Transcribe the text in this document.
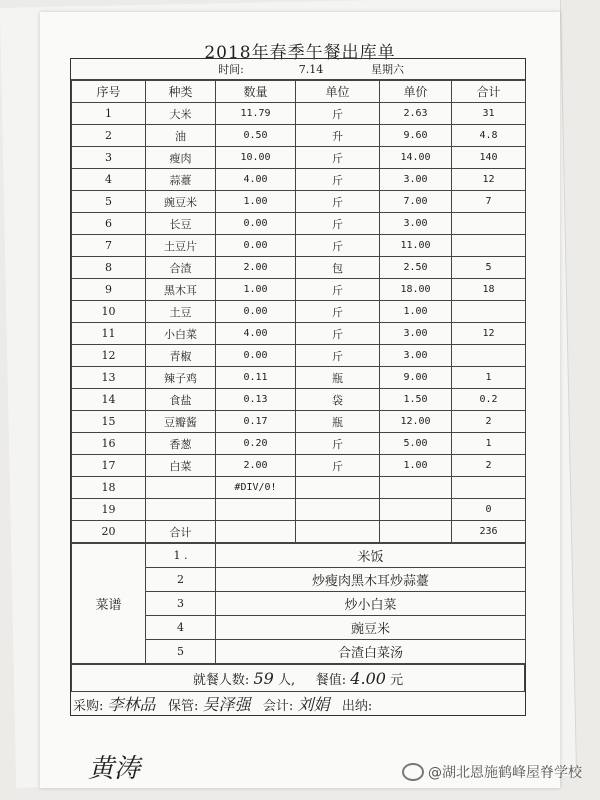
2018年春季午餐出库单
	时间:	7.14	星期六
序号	种类	数量	单位	单价	合计
1	大米	11.79	斤	2.63	31
2	油	0.50	升	9.60	4.8
3	瘦肉	10.00	斤	14.00	140
4	蒜薹	4.00	斤	3.00	12
5	豌豆米	1.00	斤	7.00	7
6	长豆	0.00	斤	3.00	
7	土豆片	0.00	斤	11.00	
8	合渣	2.00	包	2.50	5
9	黑木耳	1.00	斤	18.00	18
10	土豆	0.00	斤	1.00	
11	小白菜	4.00	斤	3.00	12
12	青椒	0.00	斤	3.00	
13	辣子鸡	0.11	瓶	9.00	1
14	食盐	0.13	袋	1.50	0.2
15	豆瓣酱	0.17	瓶	12.00	2
16	香葱	0.20	斤	5.00	1
17	白菜	2.00	斤	1.00	2
18		#DIV/0!			
19					0
20	合计				236
菜谱	1 .	米饭
	2	炒瘦肉黑木耳炒蒜薹
	3	炒小白菜
	4	豌豆米
	5	合渣白菜汤
就餐人数: 59 人, 餐值: 4.00 元
采购: 李林品 保管: 吴泽强 会计: 刘娟 出纳:
黄涛	@湖北恩施鹤峰屋脊学校
